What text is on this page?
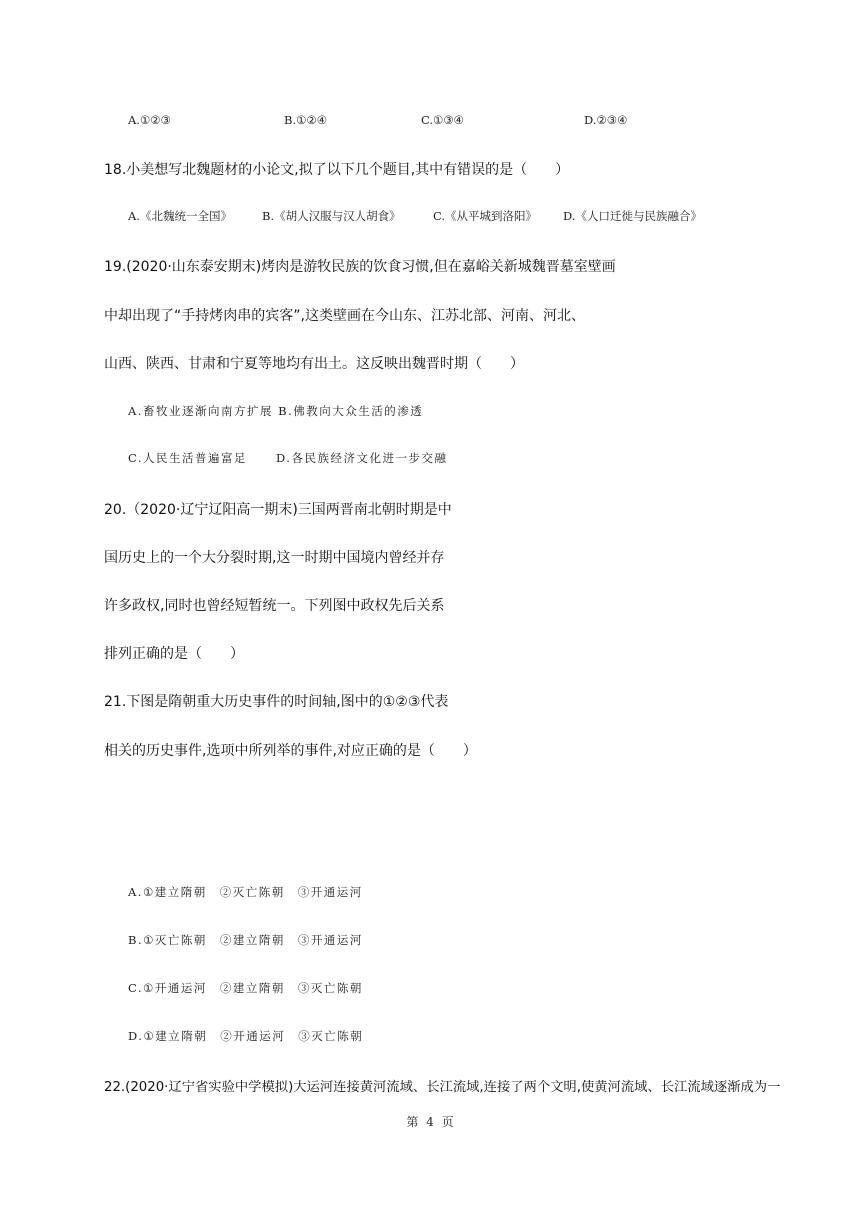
A.①②③	B.①②④	C.①③④	D.②③④
18.小美想写北魏题材的小论文,拟了以下几个题目,其中有错误的是（　　）
A.《北魏统一全国》	B.《胡人汉服与汉人胡食》	C.《从平城到洛阳》 D.《人口迁徙与民族融合》
19.(2020·山东泰安期末)烤肉是游牧民族的饮食习惯,但在嘉峪关新城魏晋墓室壁画
中却出现了“手持烤肉串的宾客”,这类壁画在今山东、江苏北部、河南、河北、
山西、陕西、甘肃和宁夏等地均有出土。这反映出魏晋时期（　　）
A.畜牧业逐渐向南方扩展 B.佛教向大众生活的渗透
C.人民生活普遍富足	D.各民族经济文化进一步交融
20.（2020·辽宁辽阳高一期末)三国两晋南北朝时期是中
国历史上的一个大分裂时期,这一时期中国境内曾经并存
许多政权,同时也曾经短暂统一。下列图中政权先后关系
排列正确的是（　　）
21.下图是隋朝重大历史事件的时间轴,图中的①②③代表
相关的历史事件,选项中所列举的事件,对应正确的是（　　）
A.①建立隋朝　②灭亡陈朝　③开通运河
B.①灭亡陈朝　②建立隋朝　③开通运河
C.①开通运河　②建立隋朝　③灭亡陈朝
D.①建立隋朝　②开通运河　③灭亡陈朝
22.(2020·辽宁省实验中学模拟)大运河连接黄河流域、长江流域,连接了两个文明,使黄河流域、长江流域逐渐成为一
第 4 页
